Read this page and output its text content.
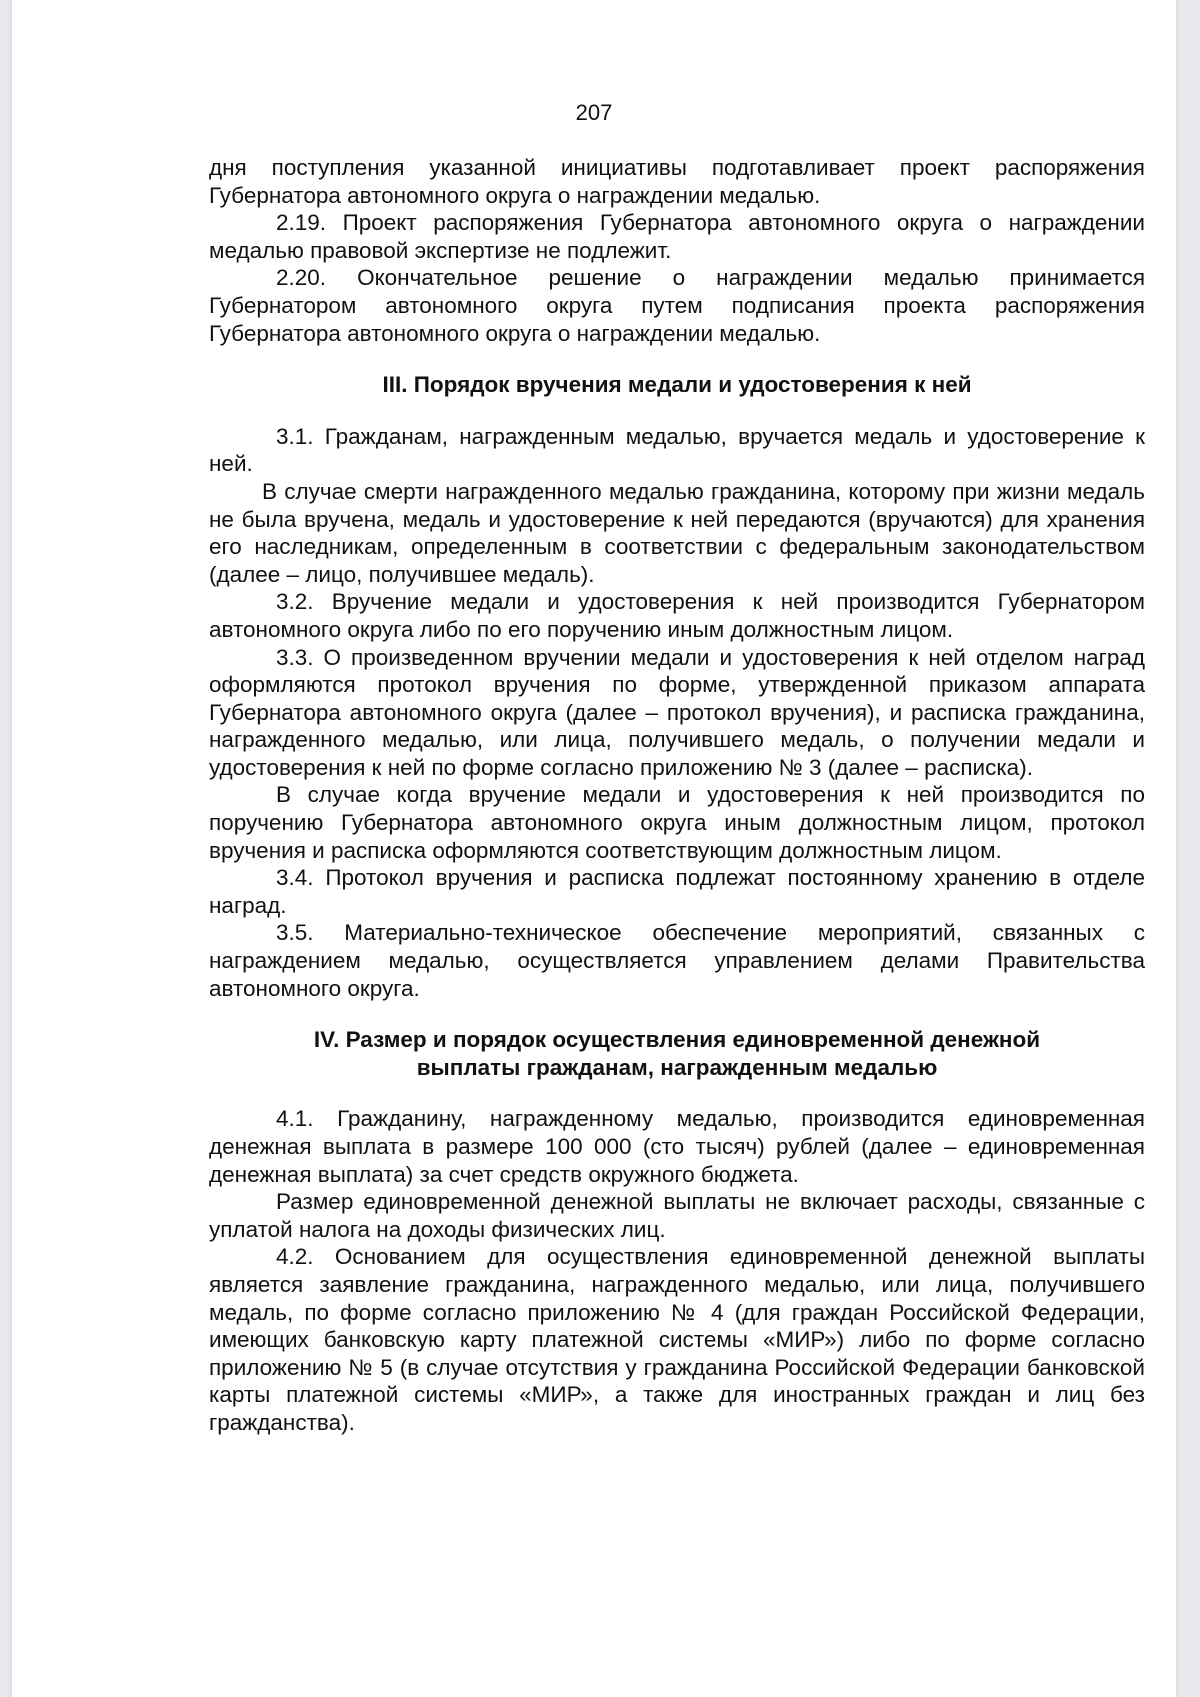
207

дня поступления указанной инициативы подготавливает проект распоряжения Губернатора автономного округа о награждении медалью.

2.19. Проект распоряжения Губернатора автономного округа о награждении медалью правовой экспертизе не подлежит.

2.20. Окончательное решение о награждении медалью принимается Губернатором автономного округа путем подписания проекта распоряжения Губернатора автономного округа о награждении медалью.

III. Порядок вручения медали и удостоверения к ней

3.1. Гражданам, награжденным медалью, вручается медаль и удостоверение к ней.

В случае смерти награжденного медалью гражданина, которому при жизни медаль не была вручена, медаль и удостоверение к ней передаются (вручаются) для хранения его наследникам, определенным в соответствии с федеральным законодательством (далее – лицо, получившее медаль).

3.2. Вручение медали и удостоверения к ней производится Губернатором автономного округа либо по его поручению иным должностным лицом.

3.3. О произведенном вручении медали и удостоверения к ней отделом наград оформляются протокол вручения по форме, утвержденной приказом аппарата Губернатора автономного округа (далее – протокол вручения), и расписка гражданина, награжденного медалью, или лица, получившего медаль, о получении медали и удостоверения к ней по форме согласно приложению № 3 (далее – расписка).

В случае когда вручение медали и удостоверения к ней производится по поручению Губернатора автономного округа иным должностным лицом, протокол вручения и расписка оформляются соответствующим должностным лицом.

3.4. Протокол вручения и расписка подлежат постоянному хранению в отделе наград.

3.5. Материально-техническое обеспечение мероприятий, связанных с награждением медалью, осуществляется управлением делами Правительства автономного округа.

IV. Размер и порядок осуществления единовременной денежной
выплаты гражданам, награжденным медалью

4.1. Гражданину, награжденному медалью, производится единовременная денежная выплата в размере 100 000 (сто тысяч) рублей (далее – единовременная денежная выплата) за счет средств окружного бюджета.

Размер единовременной денежной выплаты не включает расходы, связанные с уплатой налога на доходы физических лиц.

4.2. Основанием для осуществления единовременной денежной выплаты является заявление гражданина, награжденного медалью, или лица, получившего медаль, по форме согласно приложению № 4 (для граждан Российской Федерации, имеющих банковскую карту платежной системы «МИР») либо по форме согласно приложению № 5 (в случае отсутствия у гражданина Российской Федерации банковской карты платежной системы «МИР», а также для иностранных граждан и лиц без гражданства).
